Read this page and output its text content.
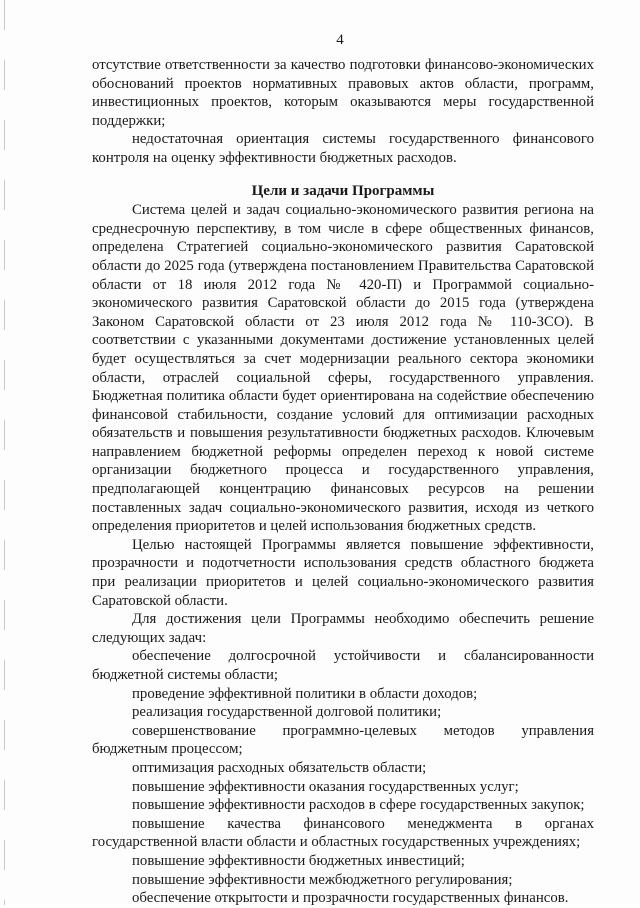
4

отсутствие ответственности за качество подготовки финансово-экономических обоснований проектов нормативных правовых актов области, программ, инвестиционных проектов, которым оказываются меры государственной поддержки;

недостаточная ориентация системы государственного финансового контроля на оценку эффективности бюджетных расходов.

Цели и задачи Программы

Система целей и задач социально-экономического развития региона на среднесрочную перспективу, в том числе в сфере общественных финансов, определена Стратегией социально-экономического развития Саратовской области до 2025 года (утверждена постановлением Правительства Саратовской области от 18 июля 2012 года № 420-П) и Программой социально-экономического развития Саратовской области до 2015 года (утверждена Законом Саратовской области от 23 июля 2012 года № 110-ЗСО). В соответствии с указанными документами достижение установленных целей будет осуществляться за счет модернизации реального сектора экономики области, отраслей социальной сферы, государственного управления. Бюджетная политика области будет ориентирована на содействие обеспечению финансовой стабильности, создание условий для оптимизации расходных обязательств и повышения результативности бюджетных расходов. Ключевым направлением бюджетной реформы определен переход к новой системе организации бюджетного процесса и государственного управления, предполагающей концентрацию финансовых ресурсов на решении поставленных задач социально-экономического развития, исходя из четкого определения приоритетов и целей использования бюджетных средств.

Целью настоящей Программы является повышение эффективности, прозрачности и подотчетности использования средств областного бюджета при реализации приоритетов и целей социально-экономического развития Саратовской области.

Для достижения цели Программы необходимо обеспечить решение следующих задач:

обеспечение долгосрочной устойчивости и сбалансированности бюджетной системы области;

проведение эффективной политики в области доходов;

реализация государственной долговой политики;

совершенствование программно-целевых методов управления бюджетным процессом;

оптимизация расходных обязательств области;

повышение эффективности оказания государственных услуг;

повышение эффективности расходов в сфере государственных закупок;

повышение качества финансового менеджмента в органах государственной власти области и областных государственных учреждениях;

повышение эффективности бюджетных инвестиций;

повышение эффективности межбюджетного регулирования;

обеспечение открытости и прозрачности государственных финансов.
